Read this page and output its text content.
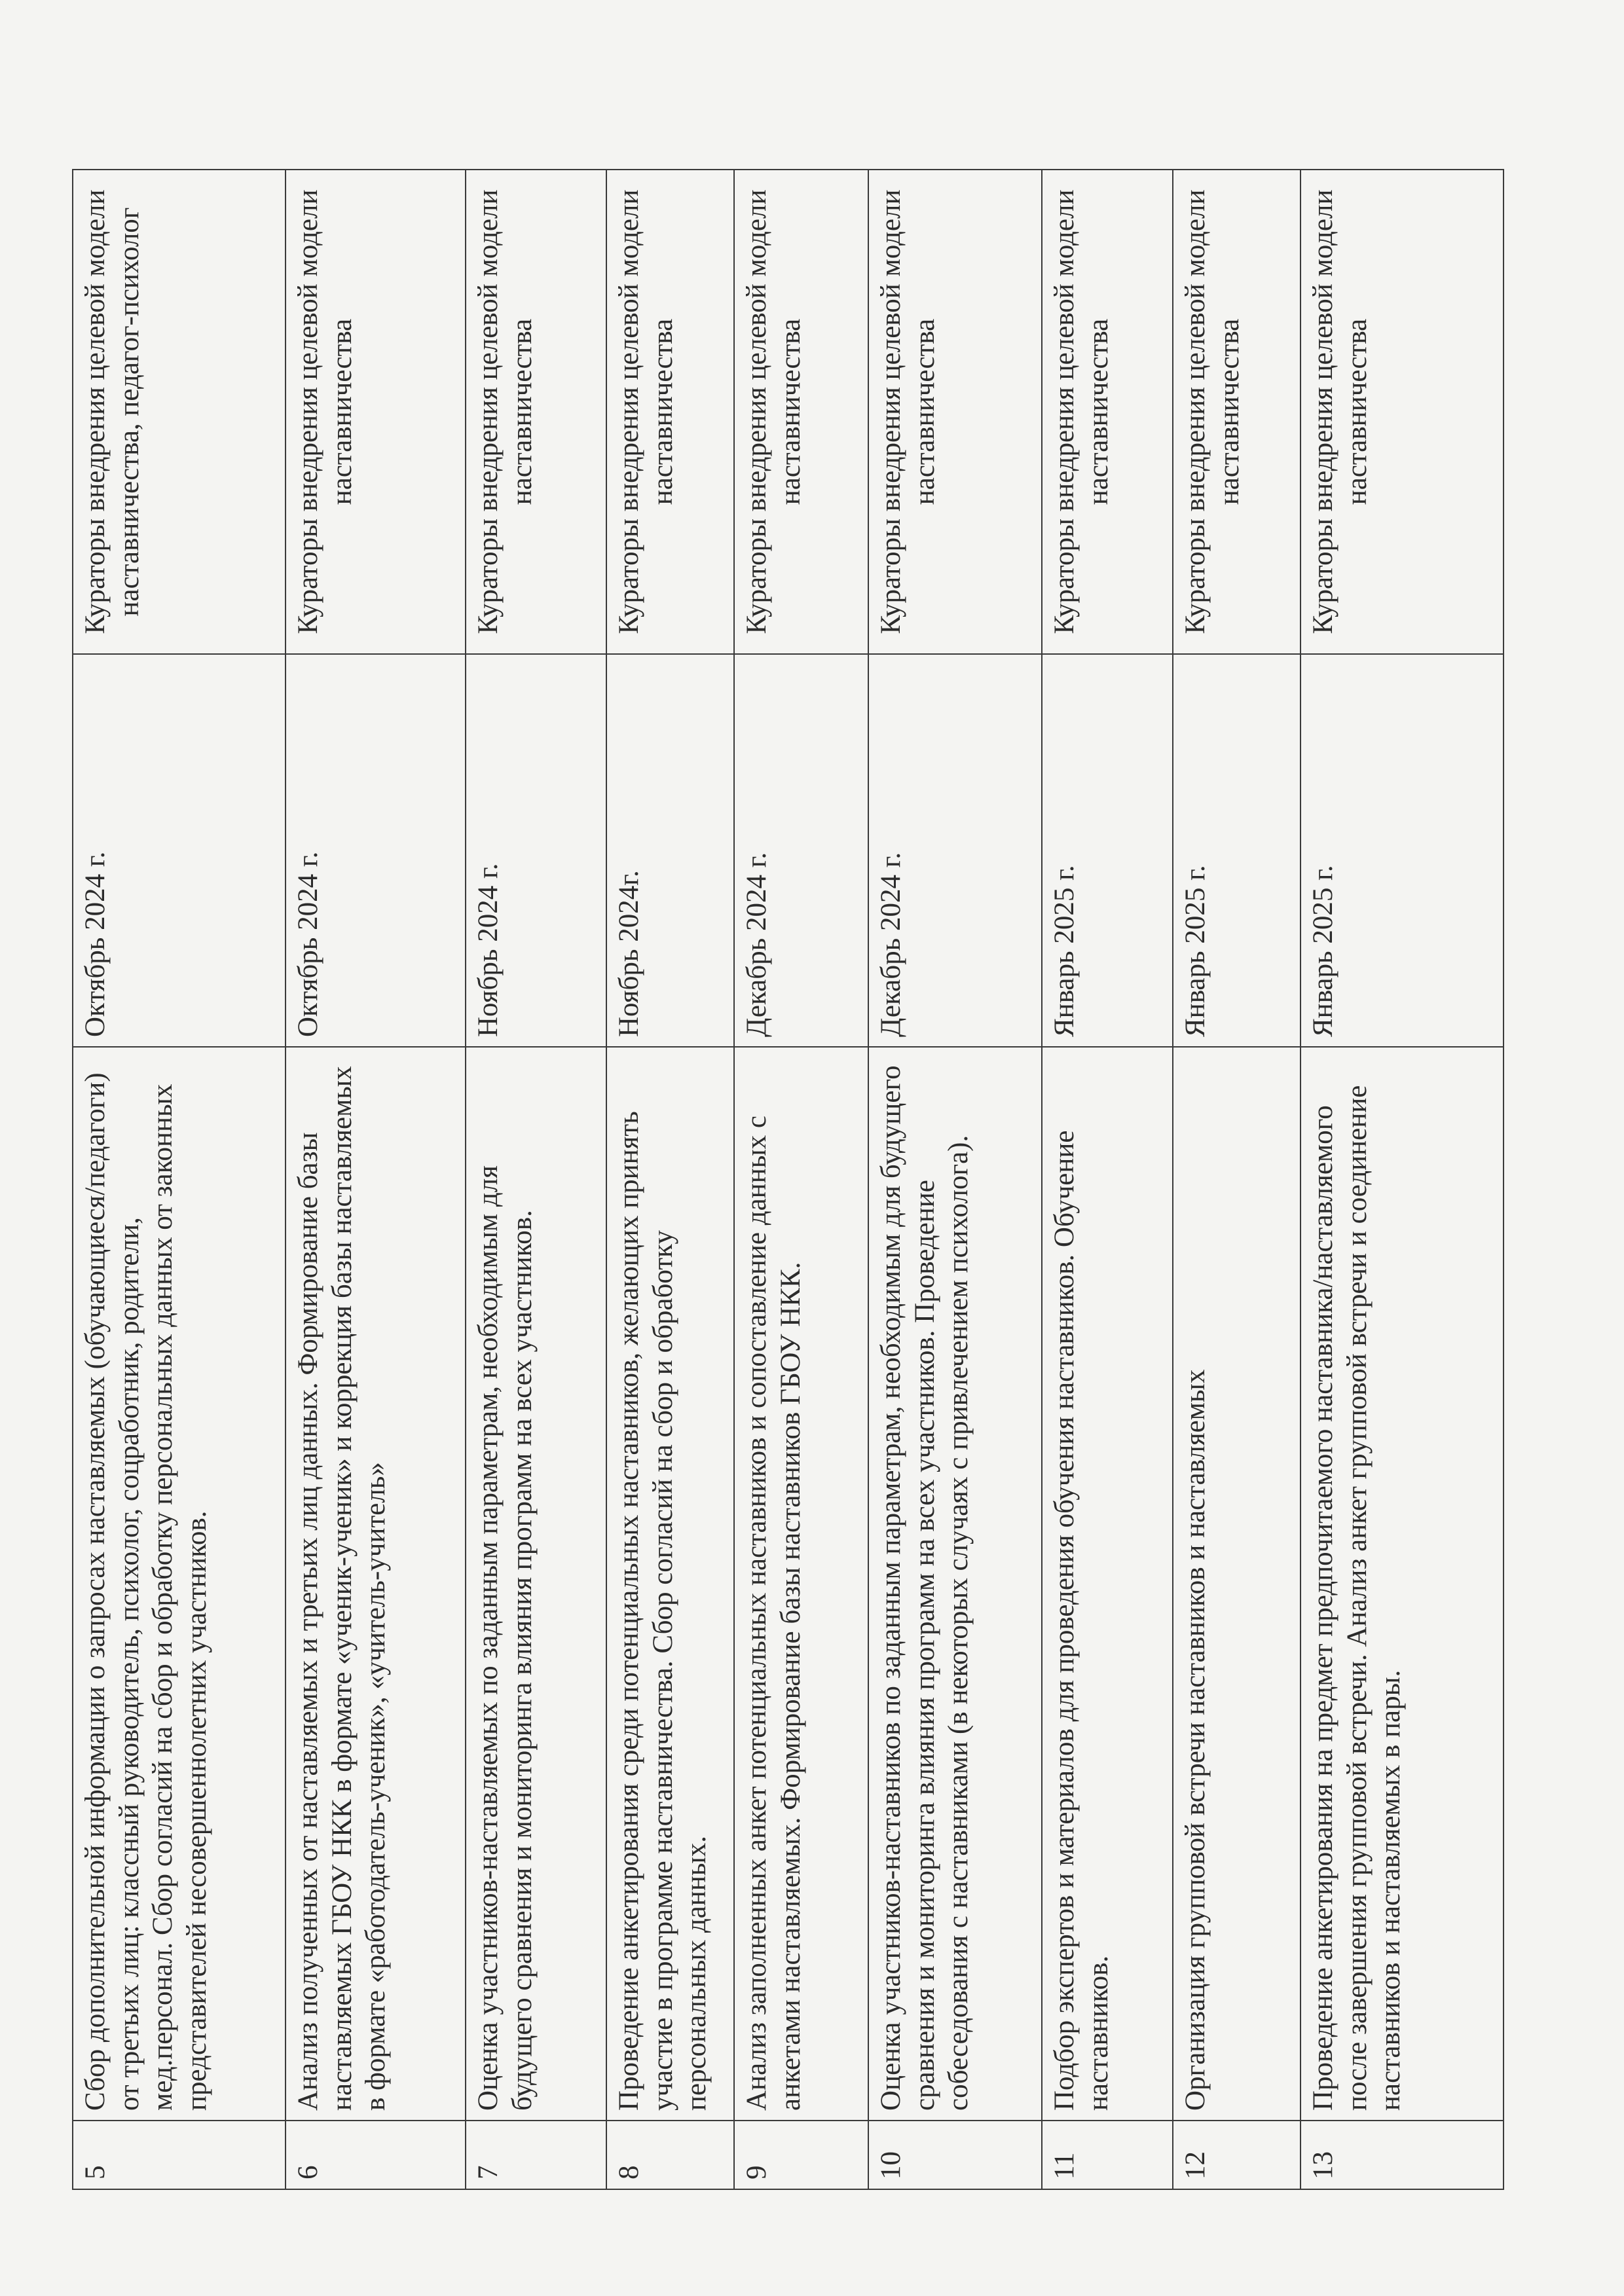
5	Сбор дополнительной информации о запросах наставляемых (обучающиеся/педагоги) от третьих лиц: классный руководитель, психолог, соцработник, родители, мед.персонал. Сбор согласий на сбор и обработку персональных данных от законных представителей несовершеннолетних участников.	Октябрь 2024 г.	Кураторы внедрения целевой модели наставничества, педагог-психолог
6	Анализ полученных от наставляемых и третьих лиц данных. Формирование базы наставляемых ГБОУ НКК в формате «ученик-ученик» и коррекция базы наставляемых в формате «работодатель-ученик», «учитель-учитель»	Октябрь 2024 г.	Кураторы внедрения целевой модели наставничества
7	Оценка участников-наставляемых по заданным параметрам, необходимым для будущего сравнения и мониторинга влияния программ на всех участников.	Ноябрь 2024 г.	Кураторы внедрения целевой модели наставничества
8	Проведение анкетирования среди потенциальных наставников, желающих принять участие в программе наставничества. Сбор согласий на сбор и обработку персональных данных.	Ноябрь 2024г.	Кураторы внедрения целевой модели наставничества
9	Анализ заполненных анкет потенциальных наставников и сопоставление данных с анкетами наставляемых. Формирование базы наставников ГБОУ НКК.	Декабрь 2024 г.	Кураторы внедрения целевой модели наставничества
10	Оценка участников-наставников по заданным параметрам, необходимым для будущего сравнения и мониторинга влияния программ на всех участников. Проведение собеседования с наставниками (в некоторых случаях с привлечением психолога).	Декабрь 2024 г.	Кураторы внедрения целевой модели наставничества
11	Подбор экспертов и материалов для проведения обучения наставников. Обучение наставников.	Январь 2025 г.	Кураторы внедрения целевой модели наставничества
12	Организация групповой встречи наставников и наставляемых	Январь 2025 г.	Кураторы внедрения целевой модели наставничества
13	Проведение анкетирования на предмет предпочитаемого наставника/наставляемого после завершения групповой встречи. Анализ анкет групповой встречи и соединение наставников и наставляемых в пары.	Январь 2025 г.	Кураторы внедрения целевой модели наставничества
